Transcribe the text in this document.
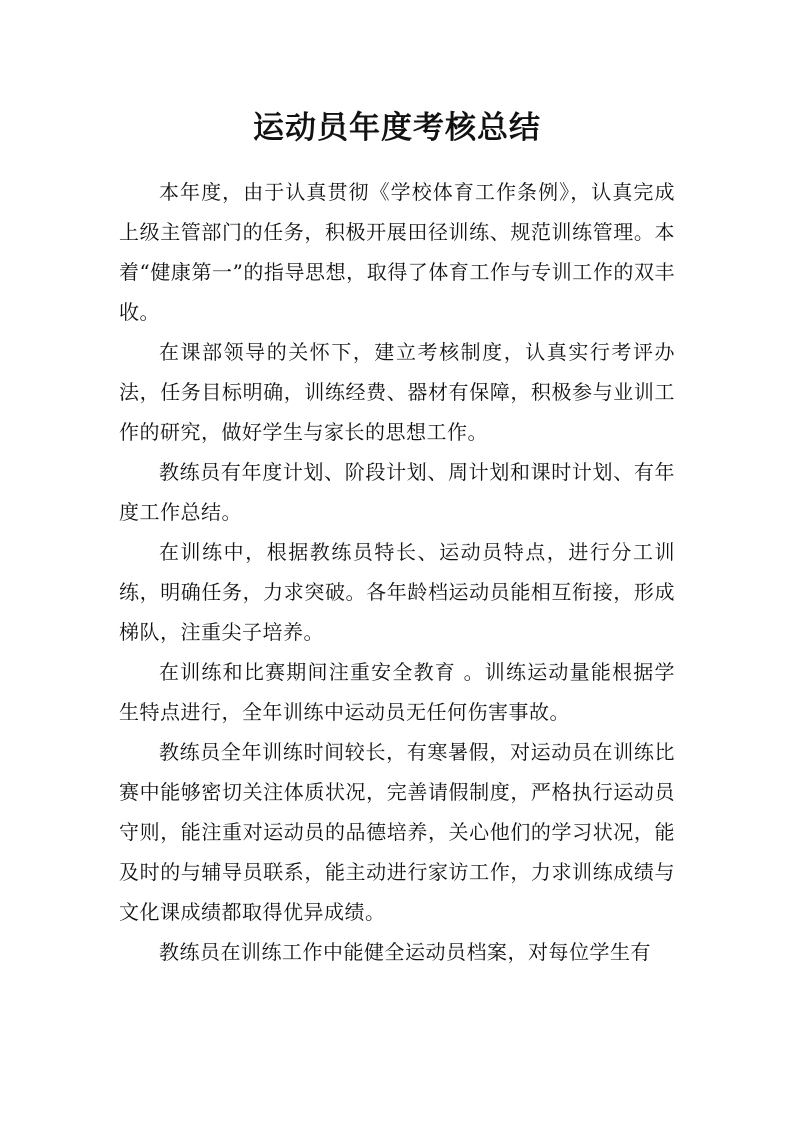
运动员年度考核总结

本年度，由于认真贯彻《学校体育工作条例》，认真完成上级主管部门的任务，积极开展田径训练、规范训练管理。本着“健康第一”的指导思想，取得了体育工作与专训工作的双丰收。

在课部领导的关怀下，建立考核制度，认真实行考评办法，任务目标明确，训练经费、器材有保障，积极参与业训工作的研究，做好学生与家长的思想工作。

教练员有年度计划、阶段计划、周计划和课时计划、有年度工作总结。

在训练中，根据教练员特长、运动员特点，进行分工训练，明确任务，力求突破。各年龄档运动员能相互衔接，形成梯队，注重尖子培养。

在训练和比赛期间注重安全教育 。训练运动量能根据学生特点进行，全年训练中运动员无任何伤害事故。

教练员全年训练时间较长，有寒暑假，对运动员在训练比赛中能够密切关注体质状况，完善请假制度，严格执行运动员守则，能注重对运动员的品德培养，关心他们的学习状况，能及时的与辅导员联系，能主动进行家访工作，力求训练成绩与文化课成绩都取得优异成绩。

教练员在训练工作中能健全运动员档案，对每位学生有
